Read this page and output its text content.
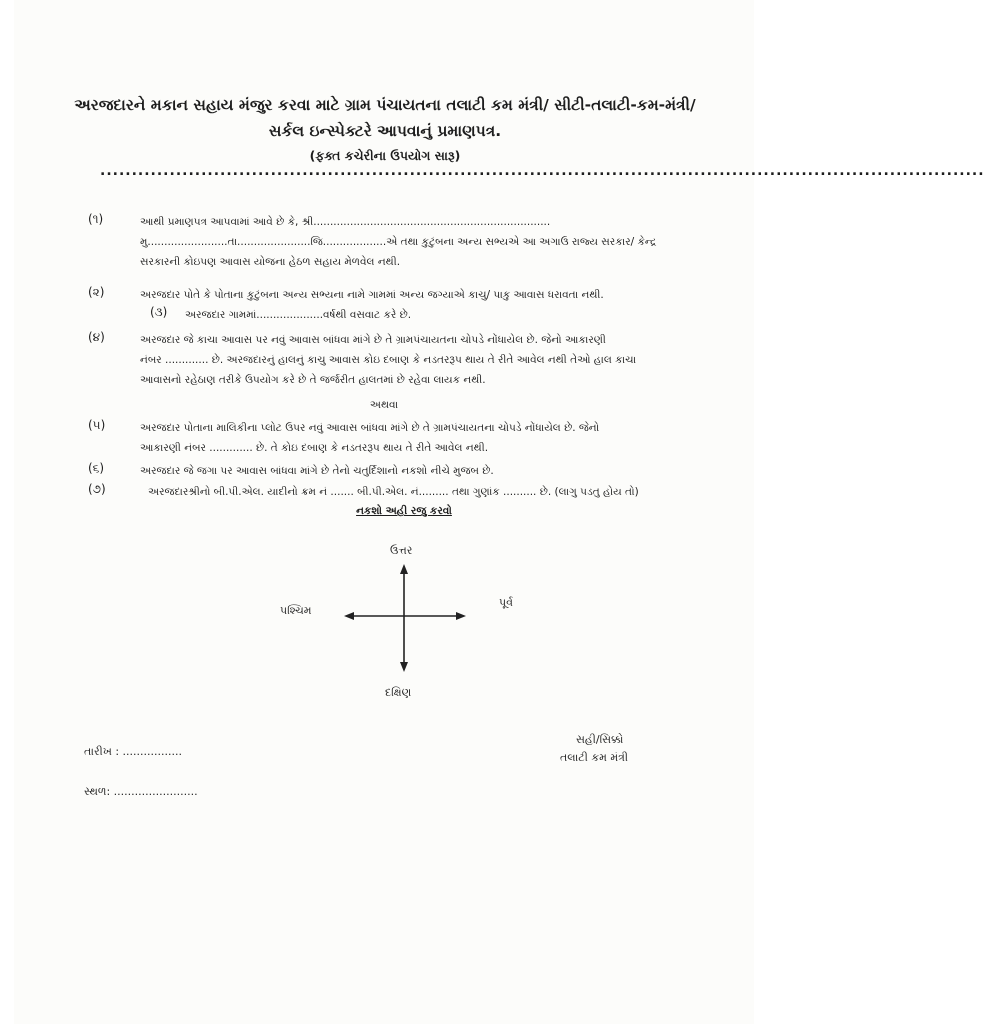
અરજદારને મકાન સહાય મંજુર કરવા માટે ગ્રામ પંચાયતના તલાટી કમ મંત્રી/ સીટી-તલાટી-કમ-મંત્રી/
સર્કલ ઇન્સ્પેક્ટરે આપવાનું પ્રમાણપત્ર.
(ફક્ત કચેરીના ઉપયોગ સારૂ)
............................................................................................................................................
(૧)	આથી પ્રમાણપત્ર આપવામાં આવે છે કે, શ્રી.......................................................................
મુ........................તા......................જિ...................એ તથા કુટુંબના અન્ય સભ્યએ આ અગાઉ રાજ્ય સરકાર/ કેન્દ્ર
સરકારની કોઇપણ આવાસ યોજના હેઠળ સહાય મેળવેલ નથી.
(૨)	અરજદાર પોતે કે પોતાના કુટુંબના અન્ય સભ્યના નામે ગામમાં અન્ય જગ્યાએ કાચુ/ પાકુ આવાસ ધરાવતા નથી.
(૩) અરજદાર ગામમાં....................વર્ષથી વસવાટ કરે છે.
(૪)	અરજદાર જે કાચા આવાસ પર નવું આવાસ બાંધવા માંગે છે તે ગ્રામપંચાયતના ચોપડે નોંધાયેલ છે. જેનો આકારણી
નંબર ............. છે. અરજદારનું હાલનું કાચુ આવાસ કોઇ દબાણ કે નડતરરૂપ થાય તે રીતે આવેલ નથી તેઓ હાલ કાચા
આવાસનો રહેઠાણ તરીકે ઉપયોગ કરે છે તે જર્જરીત હાલતમાં છે રહેવા લાયક નથી.
અથવા
(૫)	અરજદાર પોતાના માલિકીના પ્લોટ ઉપર નવું આવાસ બાંધવા માંગે છે તે ગ્રામપંચાયતના ચોપડે નોંધાયેલ છે. જેનો
આકારણી નંબર ............. છે. તે કોઇ દબાણ કે નડતરરૂપ થાય તે રીતે આવેલ નથી.
(૬)	અરજદાર જે જગા પર આવાસ બાંધવા માંગે છે તેનો ચતુર્દિશાનો નકશો નીચે મુજબ છે.
(૭)	અરજદારશ્રીનો બી.પી.એલ. યાદીનો ક્રમ નં ....... બી.પી.એલ. નં......... તથા ગુણાંક .......... છે. (લાગુ પડતુ હોય તો)
નકશો અહી રજુ કરવો
ઉત્તર
દક્ષિણ
પૂર્વ
પશ્ચિમ
તારીખ : .................
સ્થળ: ........................
સહી/સિક્કો
તલાટી કમ મંત્રી
